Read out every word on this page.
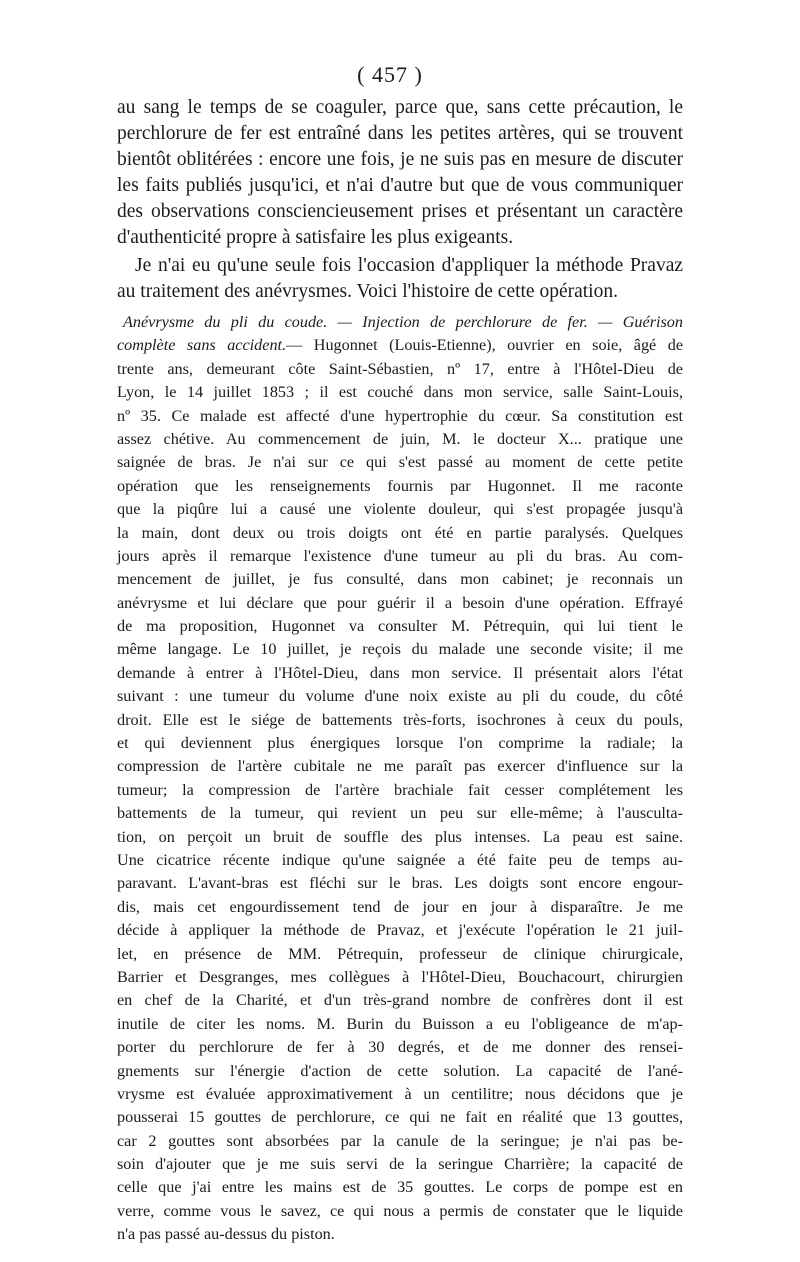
( 457 )
au sang le temps de se coaguler, parce que, sans cette précaution, le
perchlorure de fer est entraîné dans les petites artères, qui se trouvent
bientôt oblitérées : encore une fois, je ne suis pas en mesure de discuter
les faits publiés jusqu'ici, et n'ai d'autre but que de vous communiquer
des observations consciencieusement prises et présentant un caractère
d'authenticité propre à satisfaire les plus exigeants.
Je n'ai eu qu'une seule fois l'occasion d'appliquer la méthode Pravaz
au traitement des anévrysmes. Voici l'histoire de cette opération.
Anévrysme du pli du coude. — Injection de perchlorure de fer. — Guérison
complète sans accident.— Hugonnet (Louis-Etienne), ouvrier en soie, âgé de
trente ans, demeurant côte Saint-Sébastien, nº 17, entre à l'Hôtel-Dieu de
Lyon, le 14 juillet 1853 ; il est couché dans mon service, salle Saint-Louis,
nº 35. Ce malade est affecté d'une hypertrophie du cœur. Sa constitution est
assez chétive. Au commencement de juin, M. le docteur X... pratique une
saignée de bras. Je n'ai sur ce qui s'est passé au moment de cette petite
opération que les renseignements fournis par Hugonnet. Il me raconte
que la piqûre lui a causé une violente douleur, qui s'est propagée jusqu'à
la main, dont deux ou trois doigts ont été en partie paralysés. Quelques
jours après il remarque l'existence d'une tumeur au pli du bras. Au com-
mencement de juillet, je fus consulté, dans mon cabinet; je reconnais un
anévrysme et lui déclare que pour guérir il a besoin d'une opération. Effrayé
de ma proposition, Hugonnet va consulter M. Pétrequin, qui lui tient le
même langage. Le 10 juillet, je reçois du malade une seconde visite; il me
demande à entrer à l'Hôtel-Dieu, dans mon service. Il présentait alors l'état
suivant : une tumeur du volume d'une noix existe au pli du coude, du côté
droit. Elle est le siége de battements très-forts, isochrones à ceux du pouls,
et qui deviennent plus énergiques lorsque l'on comprime la radiale; la
compression de l'artère cubitale ne me paraît pas exercer d'influence sur la
tumeur; la compression de l'artère brachiale fait cesser complétement les
battements de la tumeur, qui revient un peu sur elle-même; à l'ausculta-
tion, on perçoit un bruit de souffle des plus intenses. La peau est saine.
Une cicatrice récente indique qu'une saignée a été faite peu de temps au-
paravant. L'avant-bras est fléchi sur le bras. Les doigts sont encore engour-
dis, mais cet engourdissement tend de jour en jour à disparaître. Je me
décide à appliquer la méthode de Pravaz, et j'exécute l'opération le 21 juil-
let, en présence de MM. Pétrequin, professeur de clinique chirurgicale,
Barrier et Desgranges, mes collègues à l'Hôtel-Dieu, Bouchacourt, chirurgien
en chef de la Charité, et d'un très-grand nombre de confrères dont il est
inutile de citer les noms. M. Burin du Buisson a eu l'obligeance de m'ap-
porter du perchlorure de fer à 30 degrés, et de me donner des rensei-
gnements sur l'énergie d'action de cette solution. La capacité de l'ané-
vrysme est évaluée approximativement à un centilitre; nous décidons que je
pousserai 15 gouttes de perchlorure, ce qui ne fait en réalité que 13 gouttes,
car 2 gouttes sont absorbées par la canule de la seringue; je n'ai pas be-
soin d'ajouter que je me suis servi de la seringue Charrière; la capacité de
celle que j'ai entre les mains est de 35 gouttes. Le corps de pompe est en
verre, comme vous le savez, ce qui nous a permis de constater que le liquide
n'a pas passé au-dessus du piston.
